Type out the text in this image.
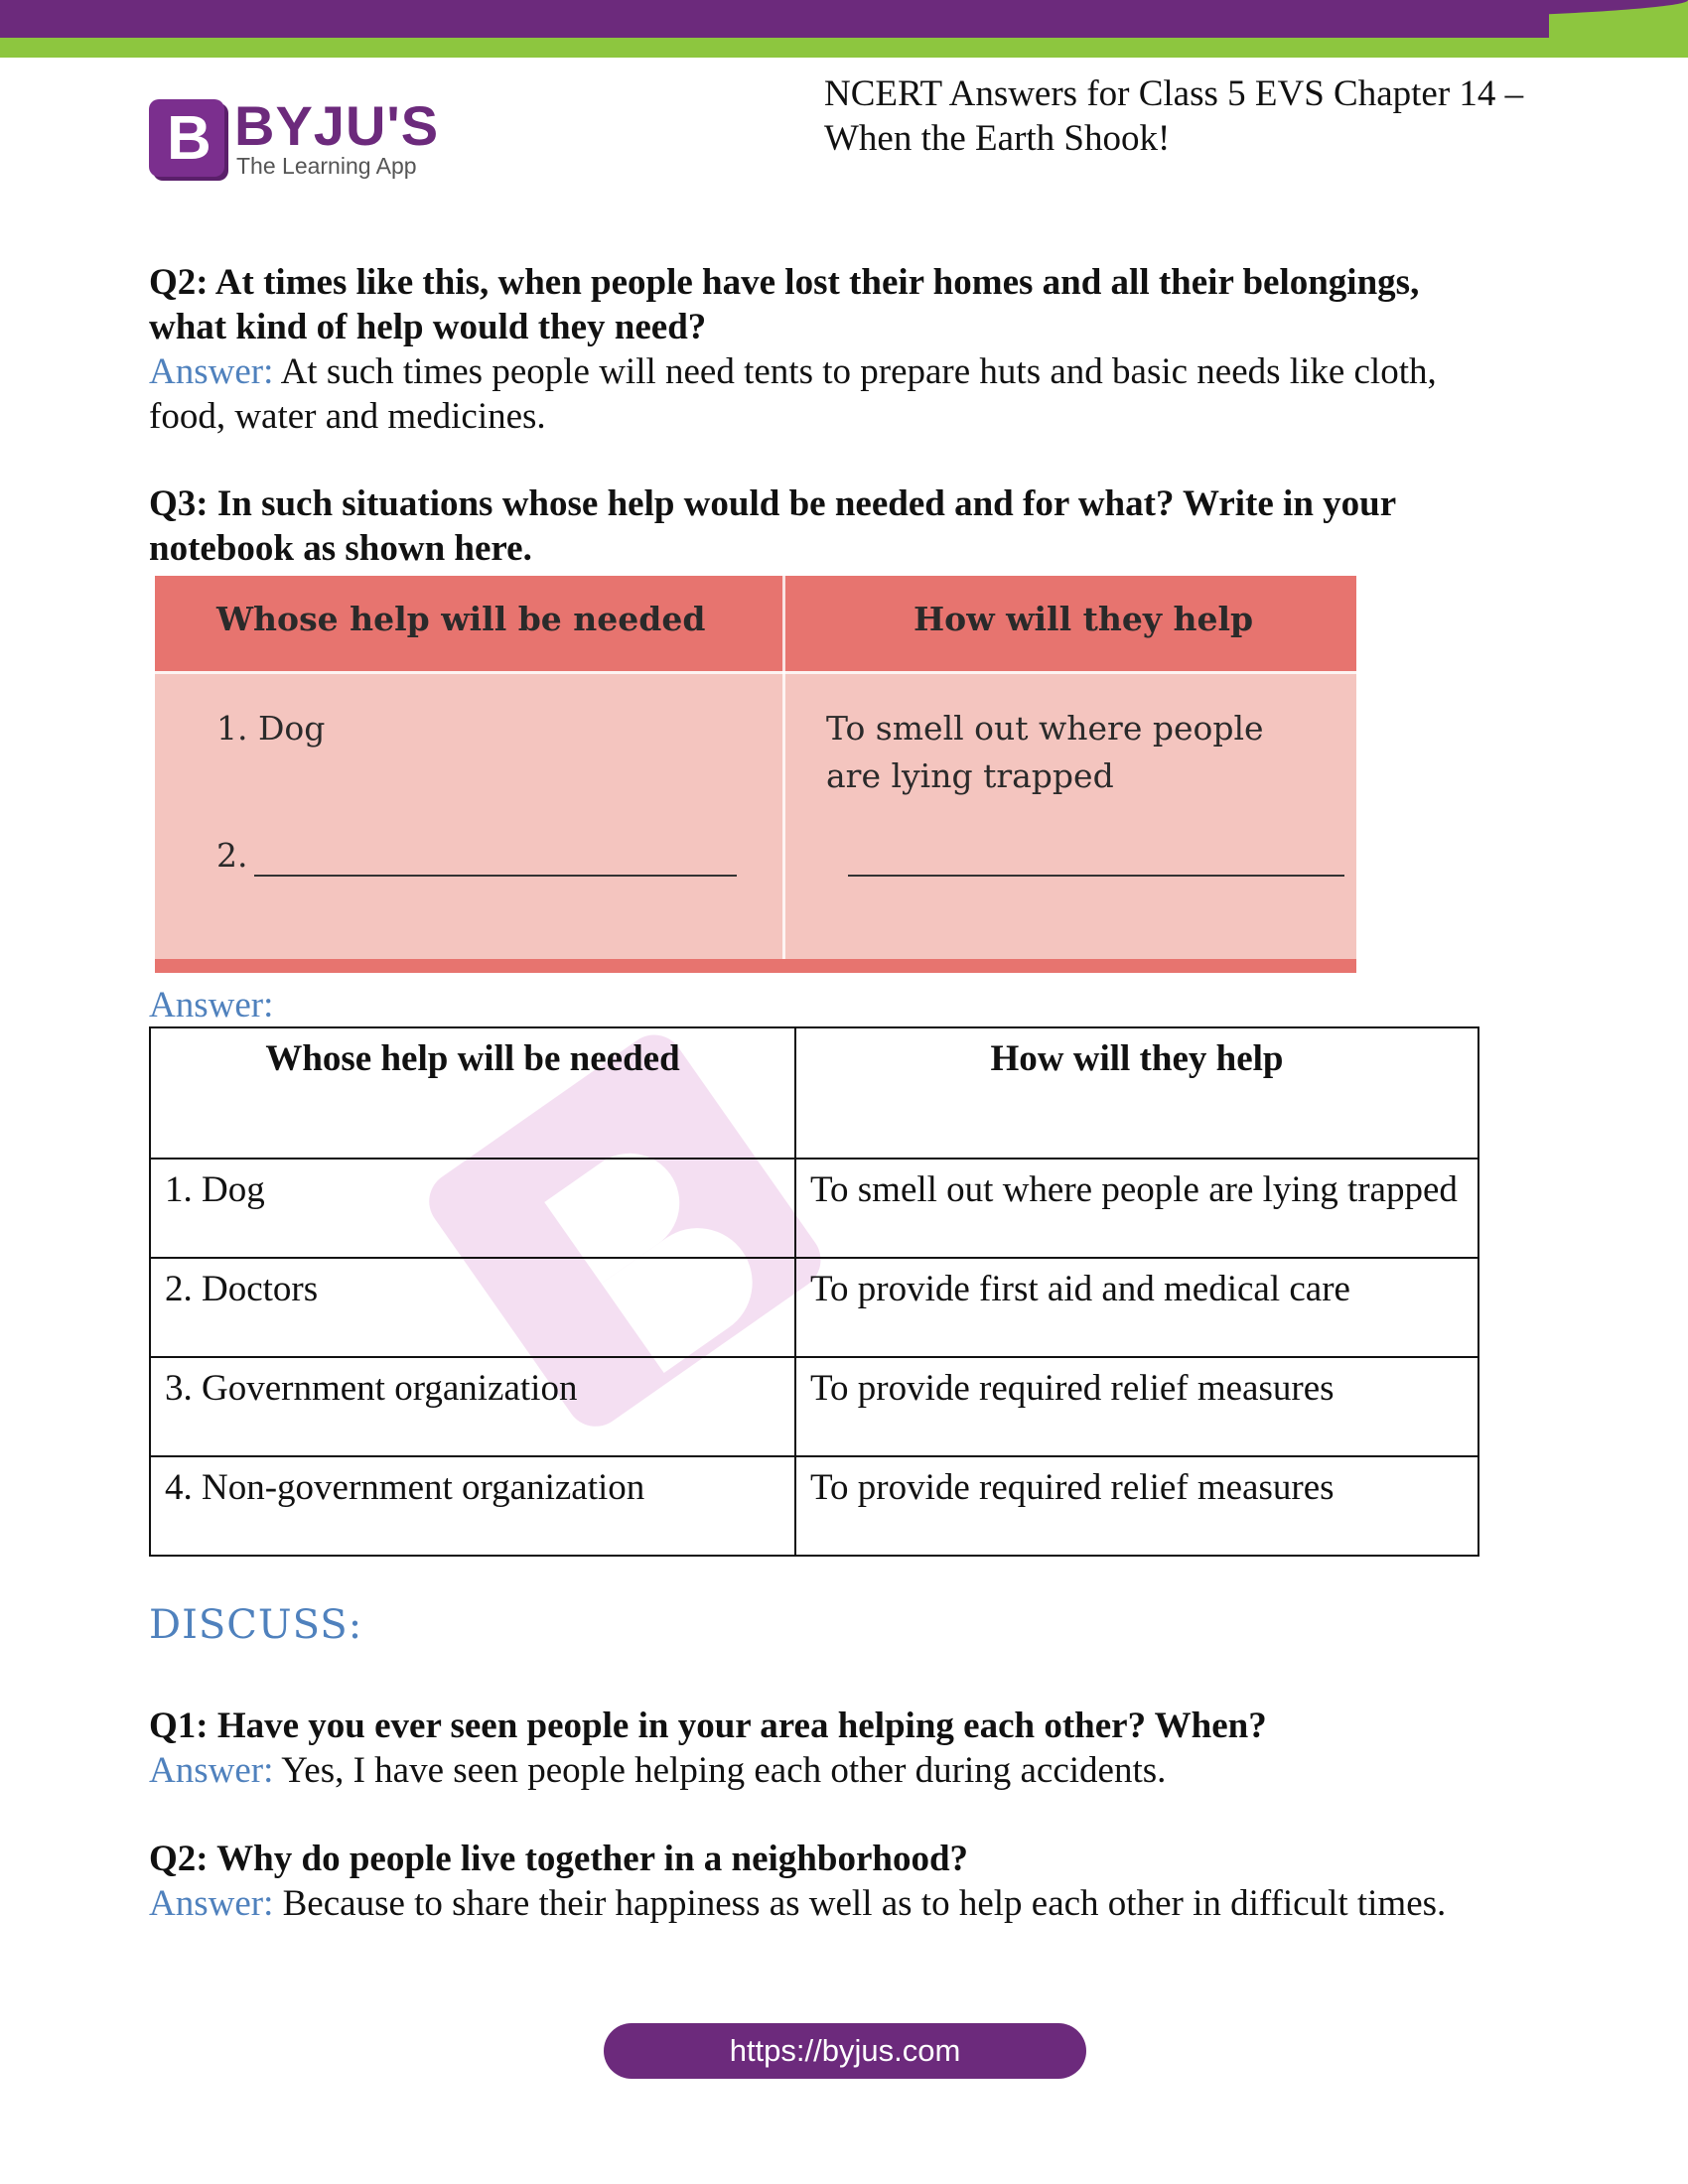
B BYJU'S
The Learning App
NCERT Answers for Class 5 EVS Chapter 14 –
When the Earth Shook!
Q2: At times like this, when people have lost their homes and all their belongings,
what kind of help would they need?
Answer: At such times people will need tents to prepare huts and basic needs like cloth,
food, water and medicines.
Q3: In such situations whose help would be needed and for what? Write in your
notebook as shown here.
Whose help will be needed	How will they help
1. Dog	To smell out where people
are lying trapped
2.
Answer:
Whose help will be needed	How will they help
1. Dog	To smell out where people are lying trapped
2. Doctors	To provide first aid and medical care
3. Government organization	To provide required relief measures
4. Non-government organization	To provide required relief measures
DISCUSS:
Q1: Have you ever seen people in your area helping each other? When?
Answer: Yes, I have seen people helping each other during accidents.
Q2: Why do people live together in a neighborhood?
Answer: Because to share their happiness as well as to help each other in difficult times.
https://byjus.com
